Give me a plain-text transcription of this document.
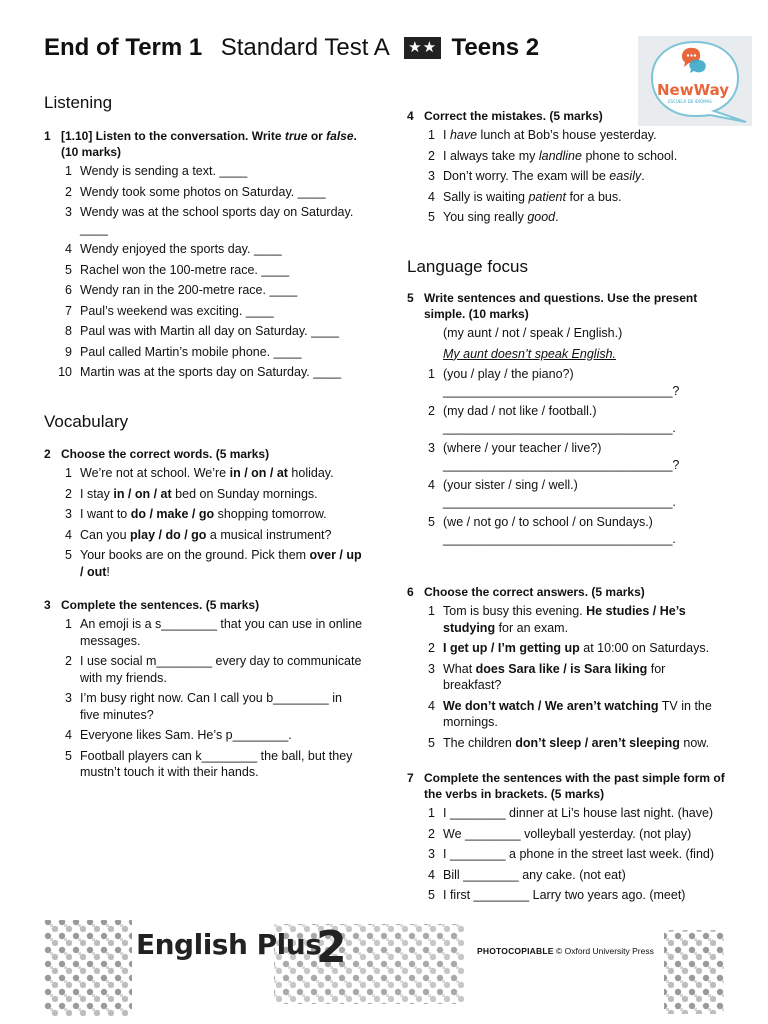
End of Term 1 Standard Test A ★★ Teens 2
NewWay
ESCUELA DE IDIOMAS
Listening
1 [1.10] Listen to the conversation. Write true or false. (10 marks)
1 Wendy is sending a text. ____
2 Wendy took some photos on Saturday. ____
3 Wendy was at the school sports day on Saturday. ____
4 Wendy enjoyed the sports day. ____
5 Rachel won the 100-metre race. ____
6 Wendy ran in the 200-metre race. ____
7 Paul’s weekend was exciting. ____
8 Paul was with Martin all day on Saturday. ____
9 Paul called Martin’s mobile phone. ____
10 Martin was at the sports day on Saturday. ____
Vocabulary
2 Choose the correct words. (5 marks)
1 We’re not at school. We’re in / on / at holiday.
2 I stay in / on / at bed on Sunday mornings.
3 I want to do / make / go shopping tomorrow.
4 Can you play / do / go a musical instrument?
5 Your books are on the ground. Pick them over / up / out!
3 Complete the sentences. (5 marks)
1 An emoji is a s________ that you can use in online messages.
2 I use social m________ every day to communicate with my friends.
3 I’m busy right now. Can I call you b________ in five minutes?
4 Everyone likes Sam. He’s p________.
5 Football players can k________ the ball, but they mustn’t touch it with their hands.
4 Correct the mistakes. (5 marks)
1 I have lunch at Bob’s house yesterday.
2 I always take my landline phone to school.
3 Don’t worry. The exam will be easily.
4 Sally is waiting patient for a bus.
5 You sing really good.
Language focus
5 Write sentences and questions. Use the present simple. (10 marks)
(my aunt / not / speak / English.)
My aunt doesn’t speak English.
1 (you / play / the piano?)
_________________________________?
2 (my dad / not like / football.)
_________________________________.
3 (where / your teacher / live?)
_________________________________?
4 (your sister / sing / well.)
_________________________________.
5 (we / not go / to school / on Sundays.)
_________________________________.
6 Choose the correct answers. (5 marks)
1 Tom is busy this evening. He studies / He’s studying for an exam.
2 I get up / I’m getting up at 10:00 on Saturdays.
3 What does Sara like / is Sara liking for breakfast?
4 We don’t watch / We aren’t watching TV in the mornings.
5 The children don’t sleep / aren’t sleeping now.
7 Complete the sentences with the past simple form of the verbs in brackets. (5 marks)
1 I ________ dinner at Li’s house last night. (have)
2 We ________ volleyball yesterday. (not play)
3 I ________ a phone in the street last week. (find)
4 Bill ________ any cake. (not eat)
5 I first ________ Larry two years ago. (meet)
English Plus
2	PHOTOCOPIABLE © Oxford University Press
